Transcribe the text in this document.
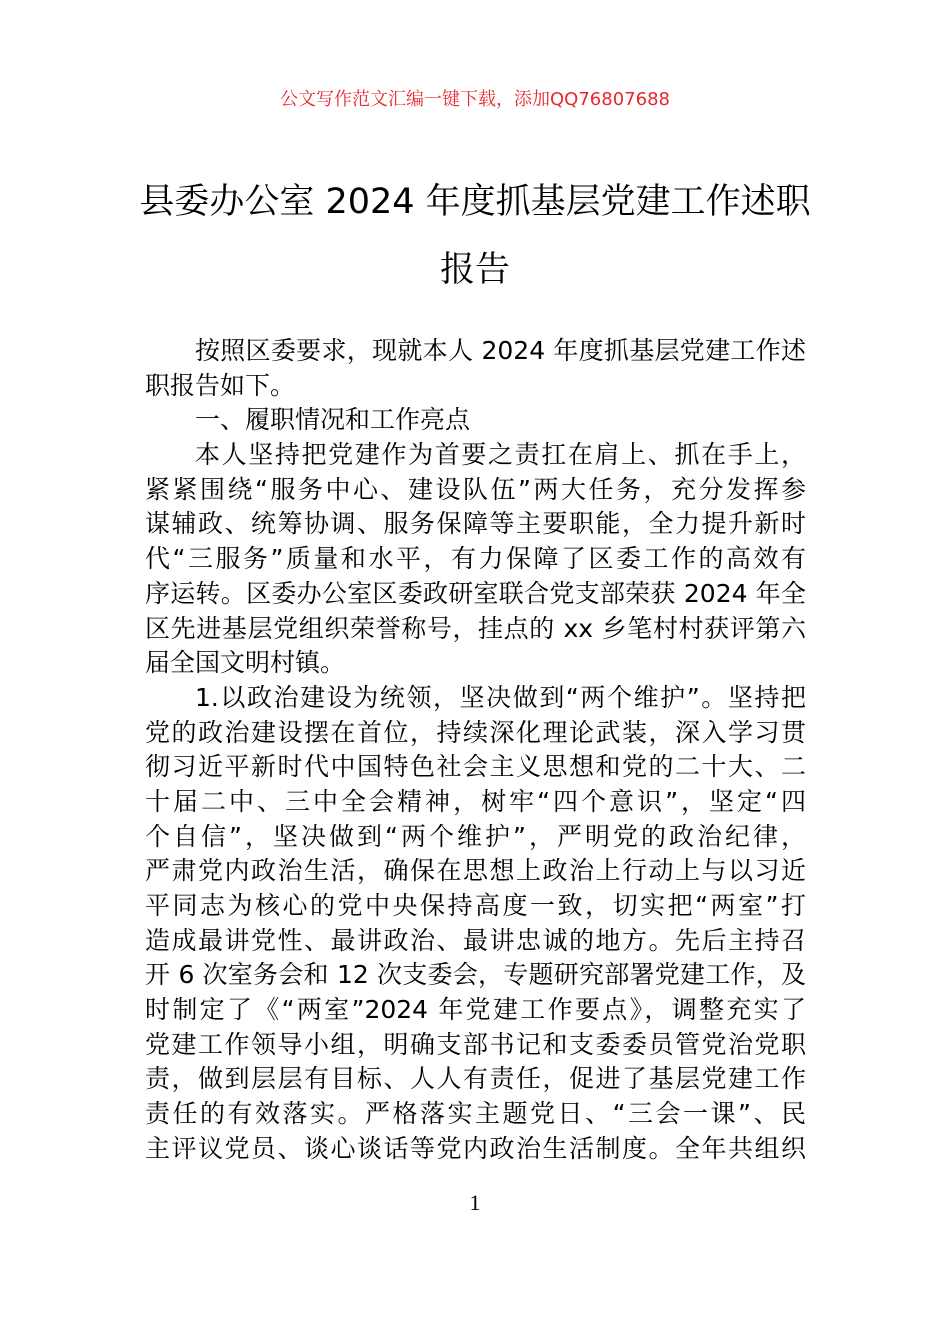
公文写作范文汇编一键下载，添加QQ76807688
县委办公室 2024 年度抓基层党建工作述职
报告
按照区委要求，现就本人 2024 年度抓基层党建工作述
职报告如下。
一、履职情况和工作亮点
本人坚持把党建作为首要之责扛在肩上、抓在手上，
紧紧围绕“服务中心、建设队伍”两大任务，充分发挥参
谋辅政、统筹协调、服务保障等主要职能，全力提升新时
代“三服务”质量和水平，有力保障了区委工作的高效有
序运转。区委办公室区委政研室联合党支部荣获 2024 年全
区先进基层党组织荣誉称号，挂点的 xx 乡笔村村获评第六
届全国文明村镇。
1.以政治建设为统领，坚决做到“两个维护”。坚持把
党的政治建设摆在首位，持续深化理论武装，深入学习贯
彻习近平新时代中国特色社会主义思想和党的二十大、二
十届二中、三中全会精神，树牢“四个意识”，坚定“四
个自信”，坚决做到“两个维护”，严明党的政治纪律，
严肃党内政治生活，确保在思想上政治上行动上与以习近
平同志为核心的党中央保持高度一致，切实把“两室”打
造成最讲党性、最讲政治、最讲忠诚的地方。先后主持召
开 6 次室务会和 12 次支委会，专题研究部署党建工作，及
时制定了《“两室”2024 年党建工作要点》，调整充实了
党建工作领导小组，明确支部书记和支委委员管党治党职
责，做到层层有目标、人人有责任，促进了基层党建工作
责任的有效落实。严格落实主题党日、“三会一课”、民
主评议党员、谈心谈话等党内政治生活制度。全年共组织
1
